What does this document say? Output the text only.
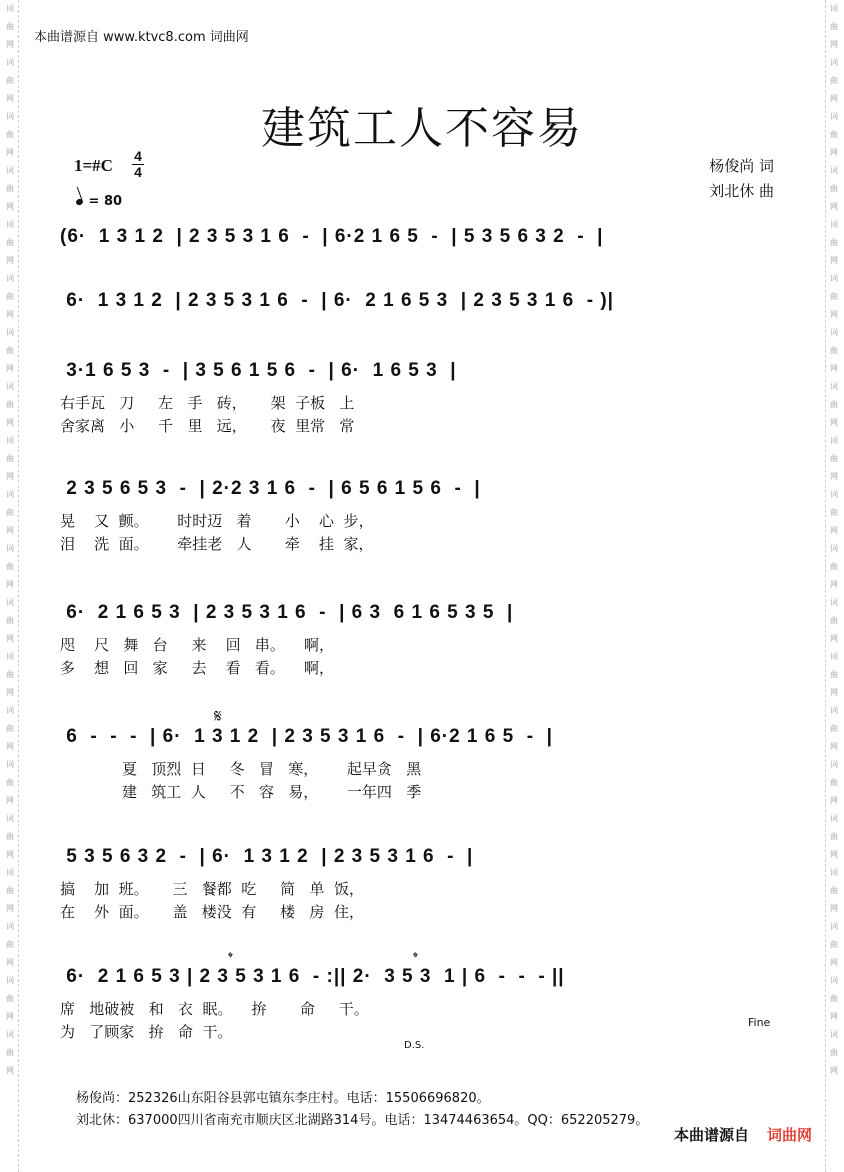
词
曲
网
词
曲
网
词
曲
网
词
曲
网
词
曲
网
词
曲
网
词
曲
网
词
曲
网
词
曲
网
词
曲
网
词
曲
网
词
曲
网
词
曲
网
词
曲
网
词
曲
网
词
曲
网
词
曲
网
词
曲
网
词
曲
网
词
曲
网
词
曲
网
词
曲
网
词
曲
网
词
曲
网
词
曲
网
词
曲
网
词
曲
网
词
曲
网
词
曲
网
词
曲
网
词
曲
网
词
曲
网
词
曲
网
词
曲
网
词
曲
网
词
曲
网
词
曲
网
词
曲
网
词
曲
网
词
曲
网
本曲谱源自 www.ktvc8.com 词曲网
建筑工人不容易
1=#C 4
4
= 80
杨俊尚 词
刘北休 曲
(6·  1 3 1 2  | 2 3 5 3 1 6  -  | 6·2 1 6 5  -  | 5 3 5 6 3 2  -  |
6·  1 3 1 2  | 2 3 5 3 1 6  -  | 6·  2 1 6 5 3  | 2 3 5 3 1 6  - )|
3·1 6 5 3  -  | 3 5 6 1 5 6  -  | 6·  1 6 5 3  |
右手瓦   刀     左   手   砖，     架  子板   上
舍家离   小     千   里   远，     夜  里常   常
2 3 5 6 5 3  -  | 2·2 3 1 6  -  | 6 5 6 1 5 6  -  |
晃    又  颤。      时时迈   着       小    心  步，
泪    洗  面。      牵挂老   人       牵    挂  家，
6·  2 1 6 5 3  | 2 3 5 3 1 6  -  | 6 3  6 1 6 5 3 5  |
咫    尺   舞   台     来    回   串。    啊，
多    想   回   家     去    看   看。    啊，
6  -  -  -  | 6·  1 3 1 2  | 2 3 5 3 1 6  -  | 6·2 1 6 5  -  |
夏   顶烈  日     冬   冒   寒，      起早贪   黑
建   筑工  人     不   容   易，      一年四   季
5 3 5 6 3 2  -  | 6·  1 3 1 2  | 2 3 5 3 1 6  -  |
搞    加  班。     三   餐都  吃     简   单  饭，
在    外  面。     盖   楼没  有     楼   房  住，
6·  2 1 6 5 3 | 2 3 5 3 1 6  - :|| 2·  3 5 3  1 | 6  -  -  - ||
席   地破被   和   衣  眠。    拚       命     干。
为   了顾家   拚   命  干。
𝄋
𝄌	𝄌
Fine
D.S.
杨俊尚：252326山东阳谷县郭屯镇东李庄村。电话：15506696820。
刘北休：637000四川省南充市顺庆区北湖路314号。电话：13474463654。QQ：652205279。
本曲谱源自 词曲网
